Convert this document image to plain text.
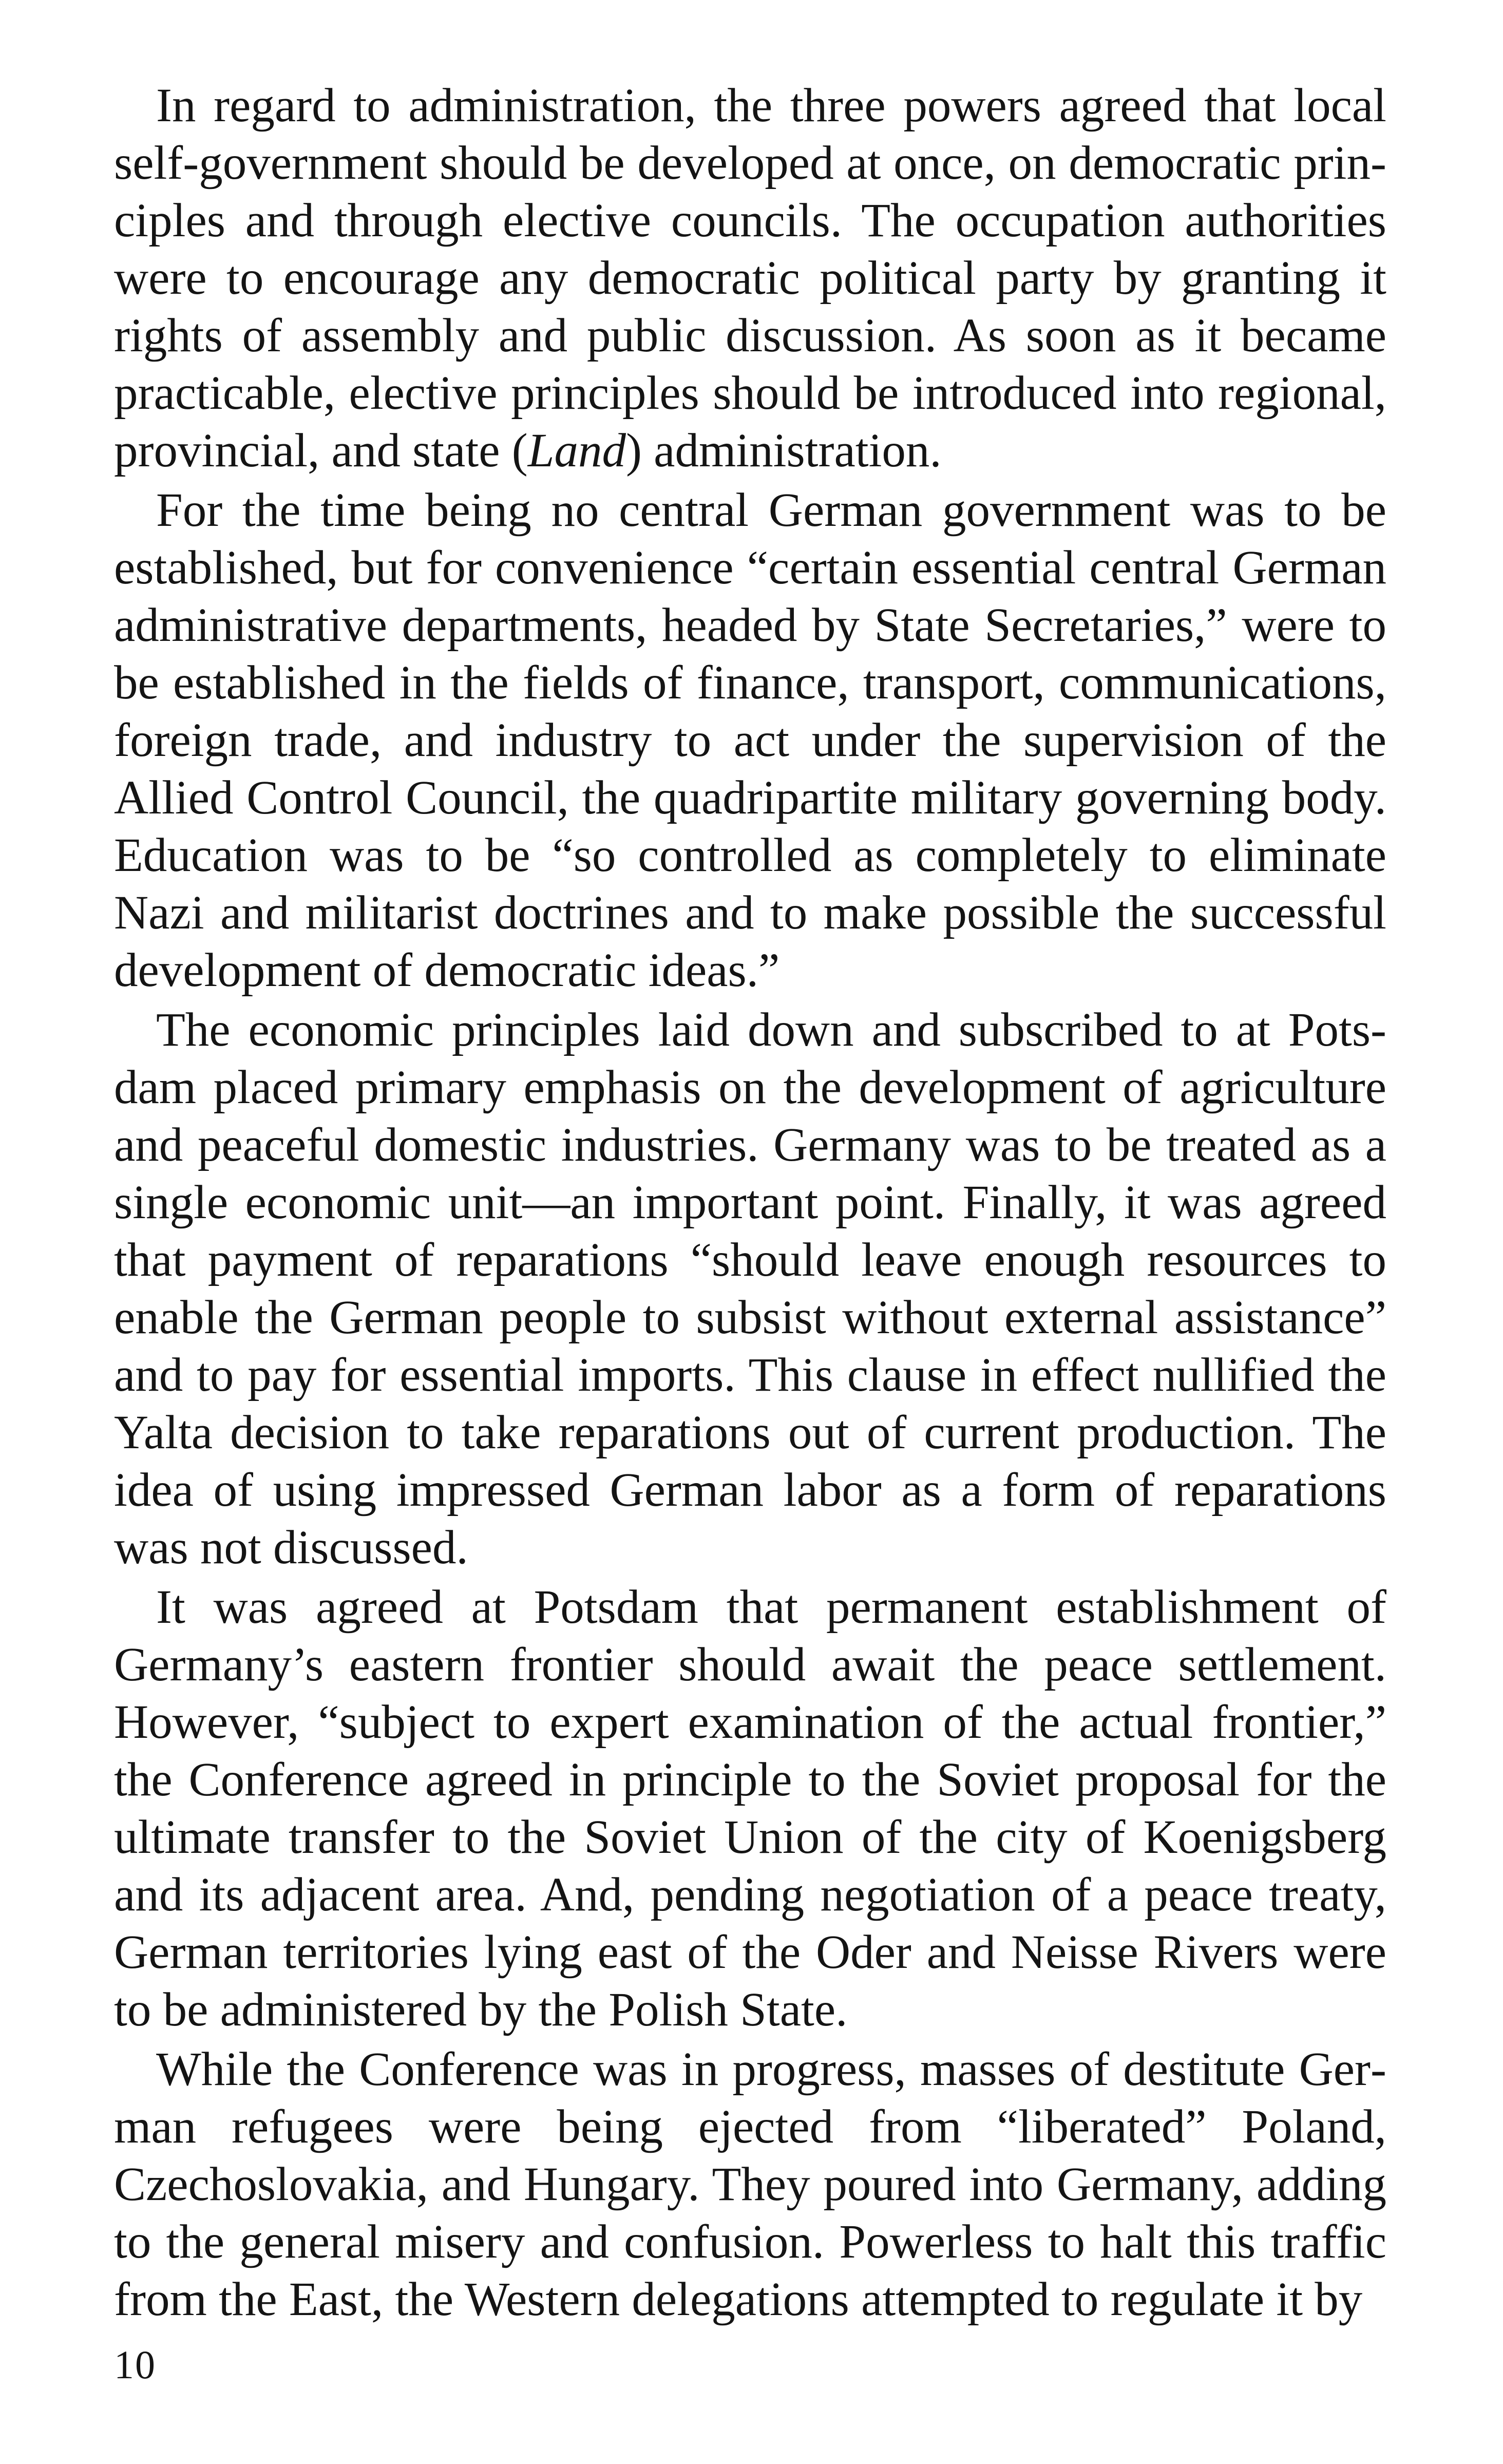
In regard to administration, the three powers agreed that local self-government should be developed at once, on democratic principles and through elective councils. The occupation authorities were to encourage any democratic political party by granting it rights of assembly and public discussion. As soon as it became practicable, elective principles should be introduced into regional, provincial, and state (Land) administration.

For the time being no central German government was to be established, but for convenience “certain essential central German administrative departments, headed by State Secretaries,” were to be established in the fields of finance, transport, communications, foreign trade, and industry to act under the supervision of the Allied Control Council, the quadripartite military governing body. Education was to be “so controlled as completely to eliminate Nazi and militarist doctrines and to make possible the successful development of democratic ideas.”

The economic principles laid down and subscribed to at Potsdam placed primary emphasis on the development of agriculture and peaceful domestic industries. Germany was to be treated as a single economic unit—an important point. Finally, it was agreed that payment of reparations “should leave enough resources to enable the German people to subsist without external assistance” and to pay for essential imports. This clause in effect nullified the Yalta decision to take reparations out of current production. The idea of using impressed German labor as a form of reparations was not discussed.

It was agreed at Potsdam that permanent establishment of Germany’s eastern frontier should await the peace settlement. However, “subject to expert examination of the actual frontier,” the Conference agreed in principle to the Soviet proposal for the ultimate transfer to the Soviet Union of the city of Koenigsberg and its adjacent area. And, pending negotiation of a peace treaty, German territories lying east of the Oder and Neisse Rivers were to be administered by the Polish State.

While the Conference was in progress, masses of destitute German refugees were being ejected from “liberated” Poland, Czechoslovakia, and Hungary. They poured into Germany, adding to the general misery and confusion. Powerless to halt this traffic from the East, the Western delegations attempted to regulate it by

10
